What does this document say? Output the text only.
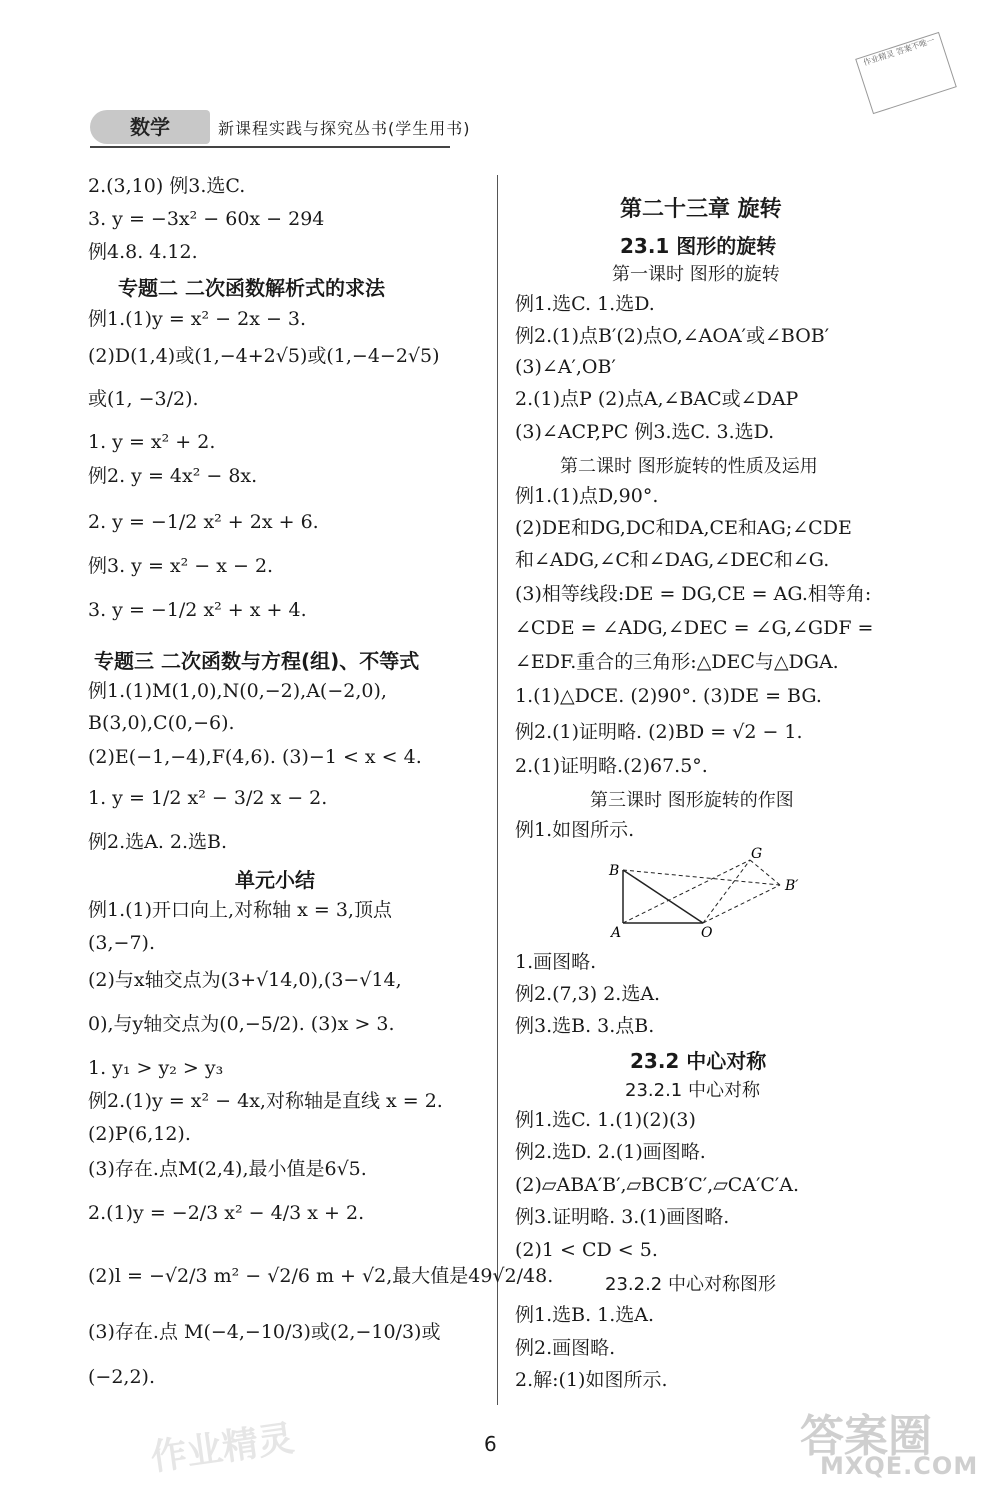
数学	新课程实践与探究丛书(学生用书)
作业精灵 答案不唯一
2.(3,10) 例3.选C.
3. y = −3x² − 60x − 294
例4.8. 4.12.
专题二 二次函数解析式的求法
例1.(1)y = x² − 2x − 3.
(2)D(1,4)或(1,−4+2√5)或(1,−4−2√5)
或(1, −3/2).
1. y = x² + 2.
例2. y = 4x² − 8x.
2. y = −1/2 x² + 2x + 6.
例3. y = x² − x − 2.
3. y = −1/2 x² + x + 4.
专题三 二次函数与方程(组)、不等式
例1.(1)M(1,0),N(0,−2),A(−2,0),
B(3,0),C(0,−6).
(2)E(−1,−4),F(4,6). (3)−1 < x < 4.
1. y = 1/2 x² − 3/2 x − 2.
例2.选A. 2.选B.
单元小结
例1.(1)开口向上,对称轴 x = 3,顶点
(3,−7).
(2)与x轴交点为(3+√14,0),(3−√14,
0),与y轴交点为(0,−5/2). (3)x > 3.
1. y₁ > y₂ > y₃
例2.(1)y = x² − 4x,对称轴是直线 x = 2.
(2)P(6,12).
(3)存在.点M(2,4),最小值是6√5.
2.(1)y = −2/3 x² − 4/3 x + 2.
(2)l = −√2/3 m² − √2/6 m + √2,最大值是49√2/48.
(3)存在.点 M(−4,−10/3)或(2,−10/3)或
(−2,2).
第二十三章 旋转
23.1 图形的旋转
第一课时 图形的旋转
例1.选C. 1.选D.
例2.(1)点B′(2)点O,∠AOA′或∠BOB′
(3)∠A′,OB′
2.(1)点P (2)点A,∠BAC或∠DAP
(3)∠ACP,PC 例3.选C. 3.选D.
第二课时 图形旋转的性质及运用
例1.(1)点D,90°.
(2)DE和DG,DC和DA,CE和AG;∠CDE
和∠ADG,∠C和∠DAG,∠DEC和∠G.
(3)相等线段:DE = DG,CE = AG.相等角:
∠CDE = ∠ADG,∠DEC = ∠G,∠GDF =
∠EDF.重合的三角形:△DEC与△DGA.
1.(1)△DCE. (2)90°. (3)DE = BG.
例2.(1)证明略. (2)BD = √2 − 1.
2.(1)证明略.(2)67.5°.
第三课时 图形旋转的作图
例1.如图所示.
B
A	O
G
B′
1.画图略.
例2.(7,3) 2.选A.
例3.选B. 3.点B.
23.2 中心对称
23.2.1 中心对称
例1.选C. 1.(1)(2)(3)
例2.选D. 2.(1)画图略.
(2)▱ABA′B′,▱BCB′C′,▱CA′C′A.
例3.证明略. 3.(1)画图略.
(2)1 < CD < 5.
23.2.2 中心对称图形
例1.选B. 1.选A.
例2.画图略.
2.解:(1)如图所示.
6
作业精灵	答案圈
MXQE.COM
